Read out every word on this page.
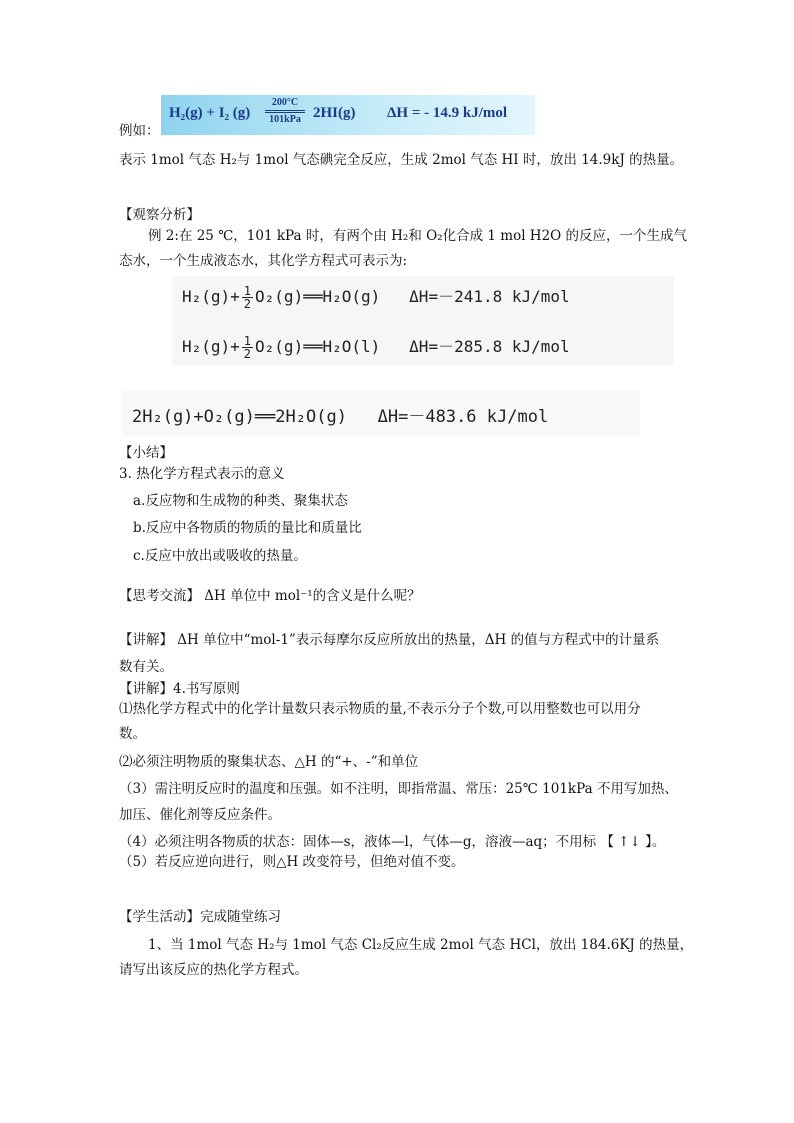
例如：
H₂(g) + I₂ (g)
200°C
101kPa 2HI(g) ΔH = - 14.9 kJ/mol
表示 1mol 气态 H₂与 1mol 气态碘完全反应，生成 2mol 气态 HI 时，放出 14.9kJ 的热量。
【观察分析】
例 2:在 25 ℃，101 kPa 时，有两个由 H₂和 O₂化合成 1 mol H2O 的反应，一个生成气
态水，一个生成液态水，其化学方程式可表示为:
$H_2(g)+ \frac{1}{2}$ O₂(g)══H₂O(g) ΔH=－241.8 kJ/mol
$H_2(g)+ \frac{1}{2}$ O₂(g)══H₂O(l) ΔH=－285.8 kJ/mol
2H₂(g)+O₂(g)══2H₂O(g) ΔH=－483.6 kJ/mol
【小结】
3. 热化学方程式表示的意义
a.反应物和生成物的种类、聚集状态
b.反应中各物质的物质的量比和质量比
c.反应中放出或吸收的热量。
【思考交流】 ΔH 单位中 mol⁻¹的含义是什么呢？
【讲解】 ΔH 单位中“mol-1”表示每摩尔反应所放出的热量，ΔH 的值与方程式中的计量系
数有关。
【讲解】4.书写原则
⑴热化学方程式中的化学计量数只表示物质的量,不表示分子个数,可以用整数也可以用分
数。
⑵必须注明物质的聚集状态、△H 的“+、-”和单位
（3）需注明反应时的温度和压强。如不注明，即指常温、常压：25℃ 101kPa 不用写加热、
加压、催化剂等反应条件。
（4）必须注明各物质的状态：固体—s，液体—l，气体—g，溶液—aq；不用标 【 ↑↓ 】。
（5）若反应逆向进行，则△H 改变符号，但绝对值不变。
【学生活动】完成随堂练习
1、当 1mol 气态 H₂与 1mol 气态 Cl₂反应生成 2mol 气态 HCl，放出 184.6KJ 的热量，
请写出该反应的热化学方程式。
